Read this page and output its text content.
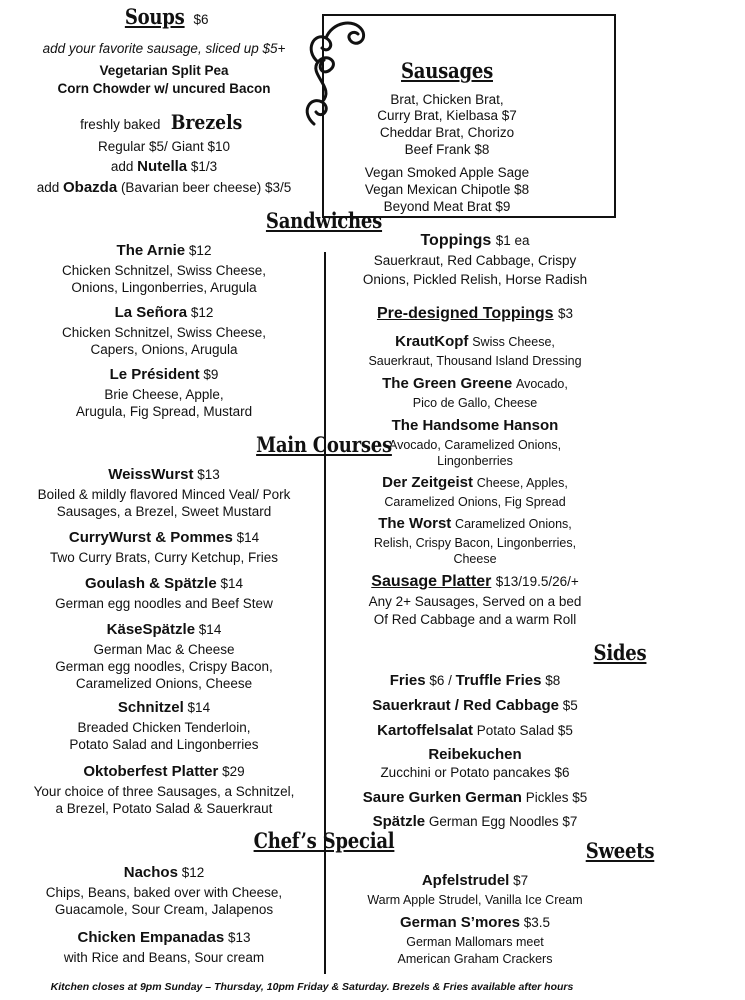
Soups $6
add your favorite sausage, sliced up $5+
Vegetarian Split Pea
Corn Chowder w/ uncured Bacon
freshly baked Brezels
Regular $5/ Giant $10
add Nutella $1/3
add Obazda (Bavarian beer cheese) $3/5
Sandwiches
The Arnie $12
Chicken Schnitzel, Swiss Cheese,
Onions, Lingonberries, Arugula
La Señora $12
Chicken Schnitzel, Swiss Cheese,
Capers, Onions, Arugula
Le Président $9
Brie Cheese, Apple,
Arugula, Fig Spread, Mustard
Main Courses
WeissWurst $13
Boiled & mildly flavored Minced Veal/ Pork
Sausages, a Brezel, Sweet Mustard
CurryWurst & Pommes $14
Two Curry Brats, Curry Ketchup, Fries
Goulash & Spätzle $14
German egg noodles and Beef Stew
KäseSpätzle $14
German Mac & Cheese
German egg noodles, Crispy Bacon,
Caramelized Onions, Cheese
Schnitzel $14
Breaded Chicken Tenderloin,
Potato Salad and Lingonberries
Oktoberfest Platter $29
Your choice of three Sausages, a Schnitzel,
a Brezel, Potato Salad & Sauerkraut
Chef’s Special
Nachos $12
Chips, Beans, baked over with Cheese,
Guacamole, Sour Cream, Jalapenos
Chicken Empanadas $13
with Rice and Beans, Sour cream
Sausages
Brat, Chicken Brat,
Curry Brat, Kielbasa $7
Cheddar Brat, Chorizo
Beef Frank $8
Vegan Smoked Apple Sage
Vegan Mexican Chipotle $8
Beyond Meat Brat $9
Toppings $1 ea
Sauerkraut, Red Cabbage, Crispy
Onions, Pickled Relish, Horse Radish
Pre-designed Toppings $3
KrautKopf Swiss Cheese,
Sauerkraut, Thousand Island Dressing
The Green Greene Avocado,
Pico de Gallo, Cheese
The Handsome Hanson
Avocado, Caramelized Onions,
Lingonberries
Der Zeitgeist Cheese, Apples,
Caramelized Onions, Fig Spread
The Worst Caramelized Onions,
Relish, Crispy Bacon, Lingonberries,
Cheese
Sausage Platter $13/19.5/26/+
Any 2+ Sausages, Served on a bed
Of Red Cabbage and a warm Roll
Sides
Fries $6 / Truffle Fries $8
Sauerkraut / Red Cabbage $5
Kartoffelsalat Potato Salad $5
Reibekuchen
Zucchini or Potato pancakes $6
Saure Gurken German Pickles $5
Spätzle German Egg Noodles $7
Sweets
Apfelstrudel $7
Warm Apple Strudel, Vanilla Ice Cream
German S’mores $3.5
German Mallomars meet
American Graham Crackers
Kitchen closes at 9pm Sunday – Thursday, 10pm Friday & Saturday. Brezels & Fries available after hours
